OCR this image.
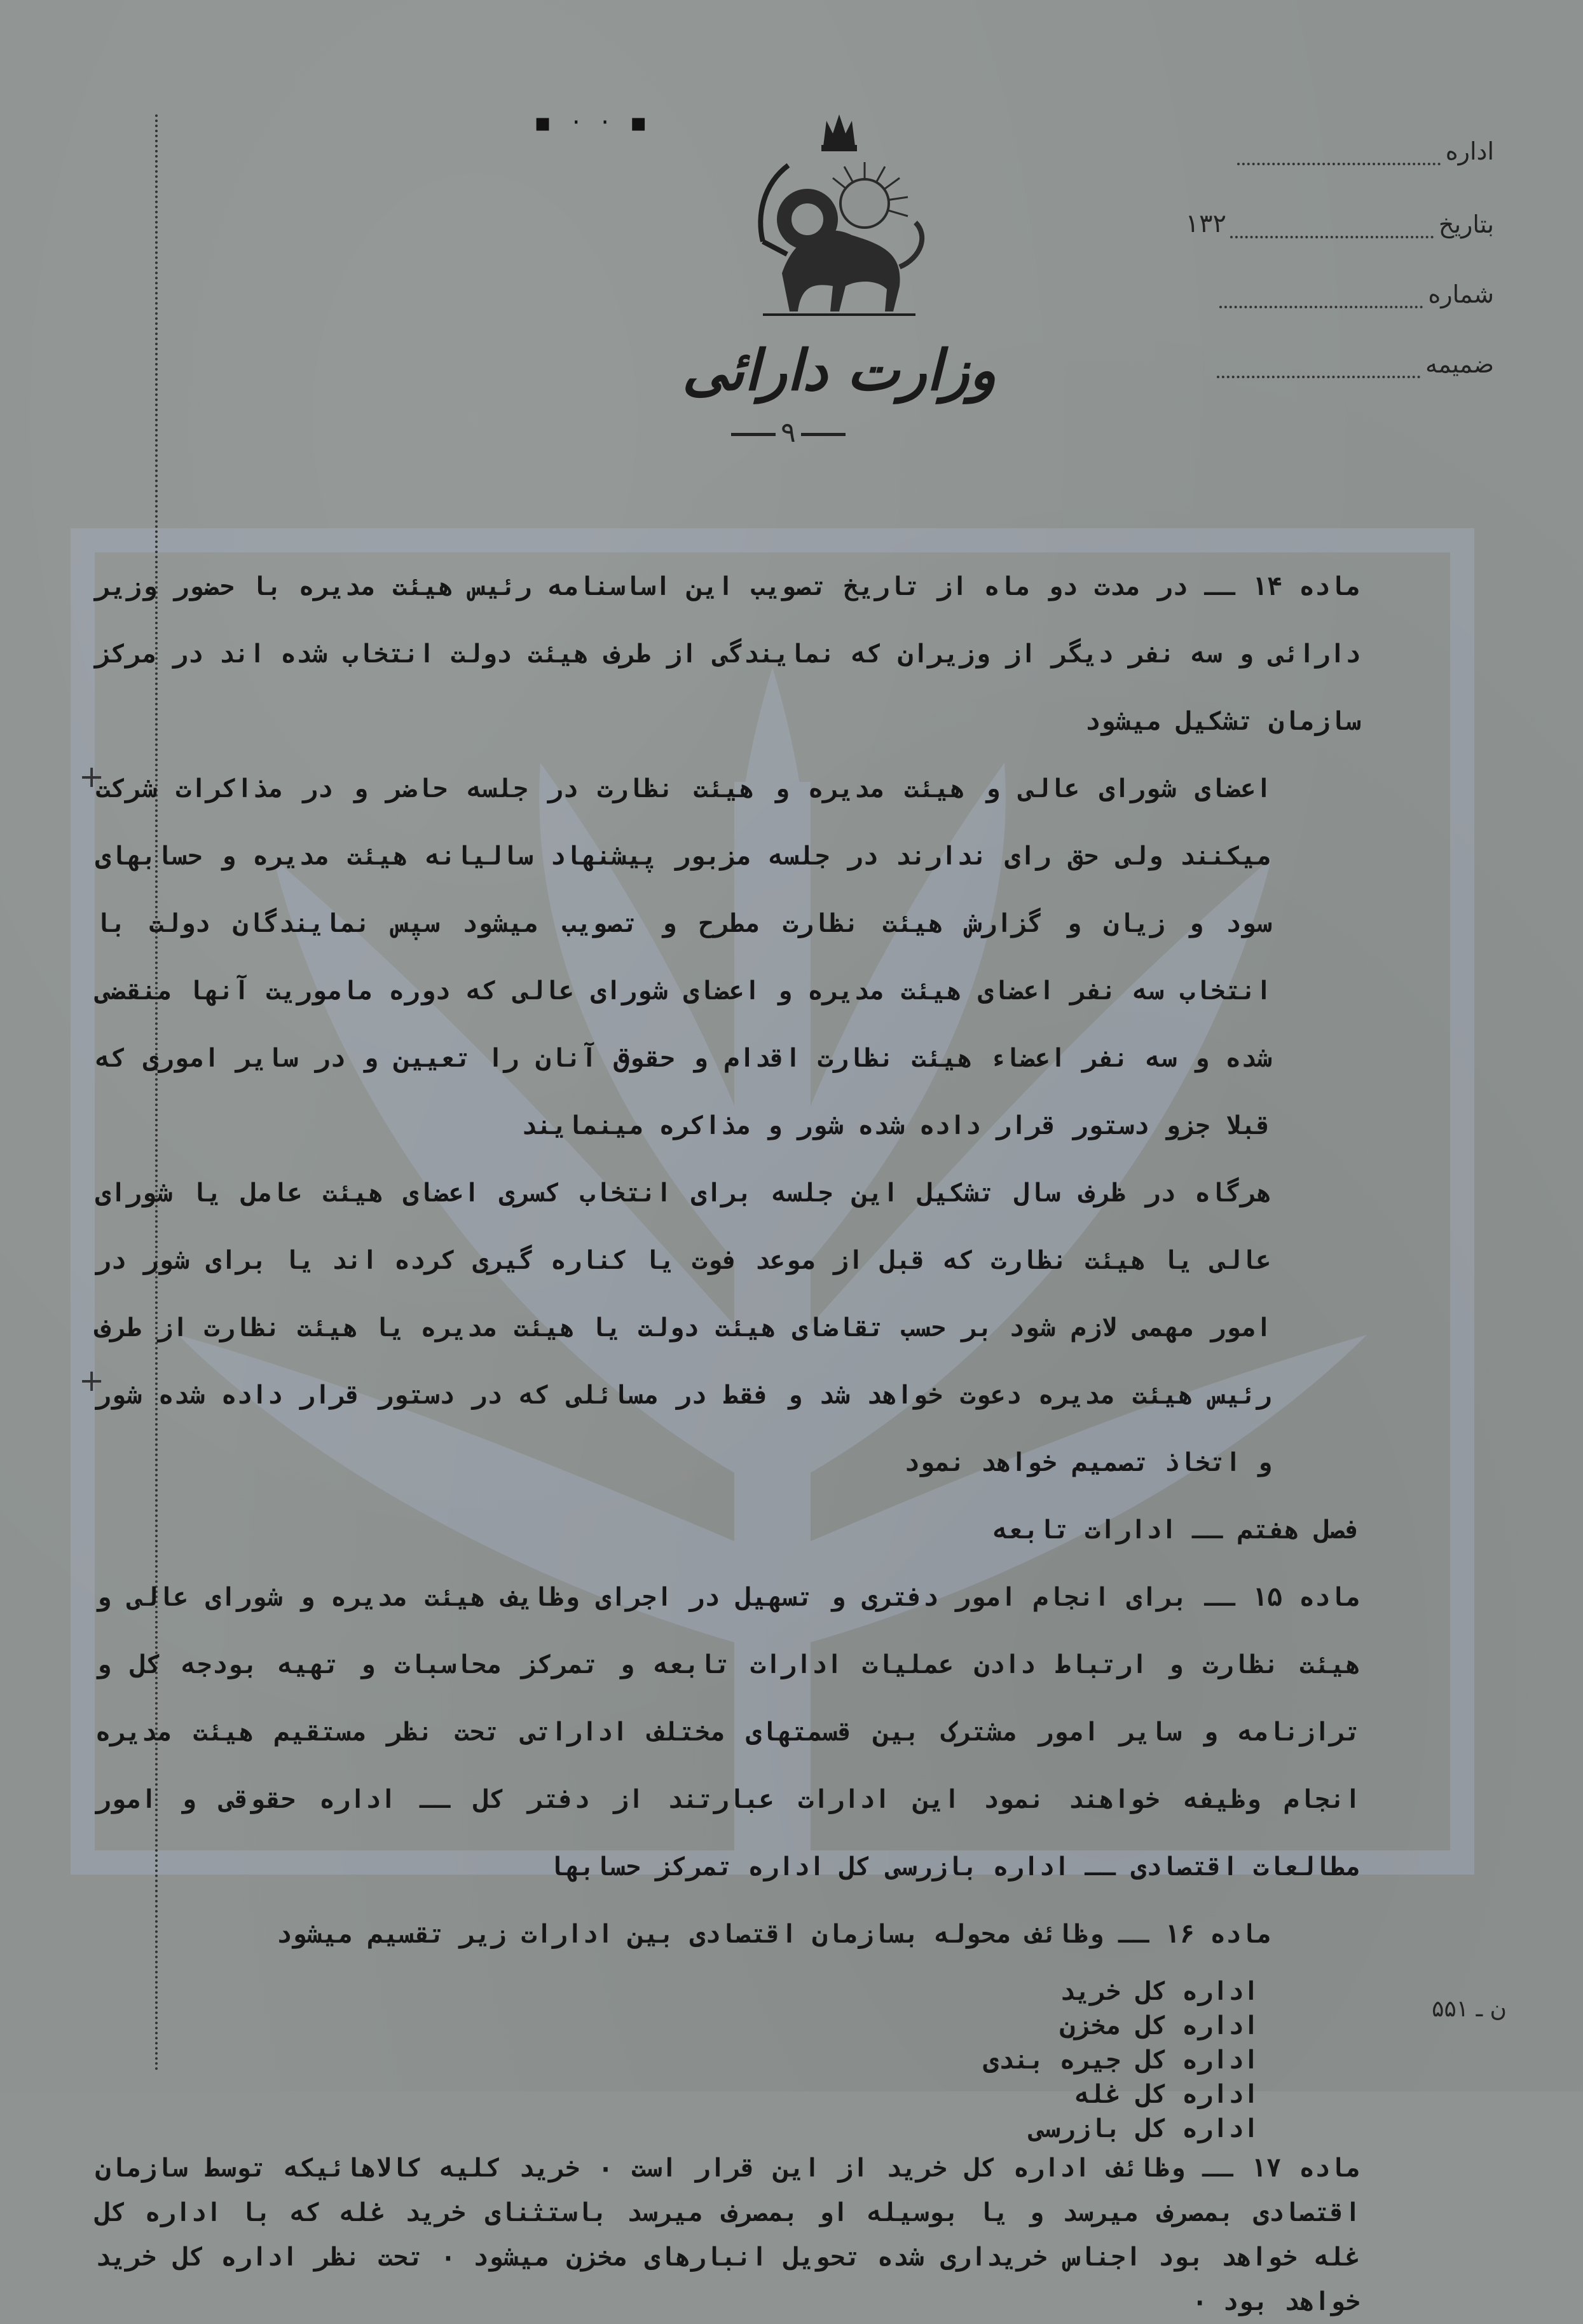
▪ · · ▪
+
+
وزارت دارائی
۹
اداره
بتاریخ
۱۳۲
شماره
ضمیمه

ماده ۱۴ ــ در مدت دو ماه از تاریخ تصویب این اساسنامه رئیس هیئت مدیره با حضور وزیر دارائی و سه نفر دیگر از وزیران که نمایندگی از طرف هیئت دولت انتخاب شده اند در مرکز سازمان تشکیل میشود

اعضای شورای عالی و هیئت مدیره و هیئت نظارت در جلسه حاضر و در مذاکرات شرکت میکنند ولی حق رای ندارند در جلسه مزبور پیشنهاد سالیانه هیئت مدیره و حسابهای سود و زیان و گزارش هیئت نظارت مطرح و تصویب میشود سپس نمایندگان دولت با انتخاب سه نفر اعضای هیئت مدیره و اعضای شورای عالی که دوره ماموریت آنها منقضی شده و سه نفر اعضاء هیئت نظارت اقدام و حقوق آنان را تعیین و در سایر اموری که قبلا جزو دستور قرار داده شده شور و مذاکره مینمایند

هرگاه در ظرف سال تشکیل این جلسه برای انتخاب کسری اعضای هیئت عامل یا شورای عالی یا هیئت نظارت که قبل از موعد فوت یا کناره گیری کرده اند یا برای شور در امور مهمی لازم شود بر حسب تقاضای هیئت دولت یا هیئت مدیره یا هیئت نظارت از طرف رئیس هیئت مدیره دعوت خواهد شد و فقط در مسائلی که در دستور قرار داده شده شور و اتخاذ تصمیم خواهد نمود

فصل هفتم ــ ادارات تابعه

ماده ۱۵ ــ برای انجام امور دفتری و تسهیل در اجرای وظایف هیئت مدیره و شورای عالی و هیئت نظارت و ارتباط دادن عملیات ادارات تابعه و تمرکز محاسبات و تهیه بودجه کل و ترازنامه و سایر امور مشترک بین قسمتهای مختلف اداراتی تحت نظر مستقیم هیئت مدیره انجام وظیفه خواهند نمود این ادارات عبارتند از دفتر کل ــ اداره حقوقی و امور مطالعات اقتصادی ــ اداره بازرسی کل اداره تمرکز حسابها

ماده ۱۶ ــ وظائف محوله بسازمان اقتصادی بین ادارات زیر تقسیم میشود

اداره کل خرید
اداره کل مخزن
اداره کل جیره بندی
اداره کل غله
اداره کل بازرسی

ماده ۱۷ ــ وظائف اداره کل خرید از این قرار است ٠ خرید کلیه کالاهائیکه توسط سازمان اقتصادی بمصرف میرسد و یا بوسیله او بمصرف میرسد باستثنای خرید غله که با اداره کل غله خواهد بود اجناس خریداری شده تحویل انبارهای مخزن میشود ٠ تحت نظر اداره کل خرید خواهد بود ٠

ن ـ ۵۵۱
